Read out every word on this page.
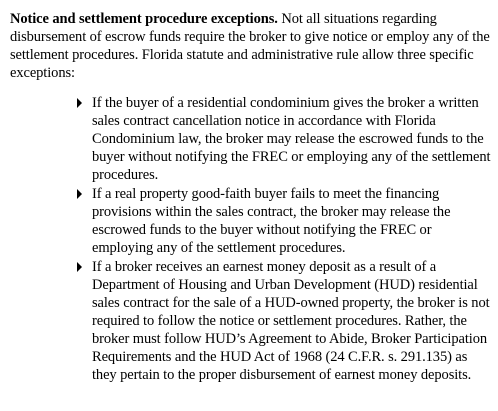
Notice and settlement procedure exceptions. Not all situations regarding disbursement of escrow funds require the broker to give notice or employ any of the settlement procedures. Florida statute and administrative rule allow three specific exceptions:

If the buyer of a residential condominium gives the broker a written sales contract cancellation notice in accordance with Florida Condominium law, the broker may release the escrowed funds to the buyer without notifying the FREC or employing any of the settlement procedures.
If a real property good-faith buyer fails to meet the financing provisions within the sales contract, the broker may release the escrowed funds to the buyer without notifying the FREC or employing any of the settlement procedures.
If a broker receives an earnest money deposit as a result of a Department of Housing and Urban Development (HUD) residential sales contract for the sale of a HUD-owned property, the broker is not required to follow the notice or settlement procedures. Rather, the broker must follow HUD’s Agreement to Abide, Broker Participation Requirements and the HUD Act of 1968 (24 C.F.R. s. 291.135) as they pertain to the proper disbursement of earnest money deposits.
